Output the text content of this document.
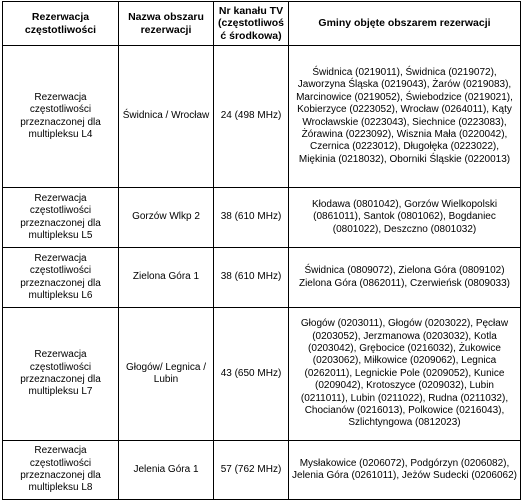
Rezerwacja częstotliwości	Nazwa obszaru rezerwacji	Nr kanału TV (częstotliwość środkowa)	Gminy objęte obszarem rezerwacji
Rezerwacja częstotliwości przeznaczonej dla multipleksu L4	Świdnica / Wrocław	24 (498 MHz)	Świdnica (0219011), Świdnica (0219072), Jaworzyna Śląska (0219043), Żarów (0219083), Marcinowice (0219052), Świebodzice (0219021), Kobierzyce (0223052), Wrocław (0264011), Kąty Wrocławskie (0223043), Siechnice (0223083), Żórawina (0223092), Wisznia Mała (0220042), Czernica (0223012), Długołęka (0223022), Miękinia (0218032), Oborniki Śląskie (0220013)
Rezerwacja częstotliwości przeznaczonej dla multipleksu L5	Gorzów Wlkp 2	38 (610 MHz)	Kłodawa (0801042), Gorzów Wielkopolski (0861011), Santok (0801062), Bogdaniec (0801022), Deszczno (0801032)
Rezerwacja częstotliwości przeznaczonej dla multipleksu L6	Zielona Góra 1	38 (610 MHz)	Świdnica (0809072), Zielona Góra (0809102) Zielona Góra (0862011), Czerwieńsk (0809033)
Rezerwacja częstotliwości przeznaczonej dla multipleksu L7	Głogów/ Legnica / Lubin	43 (650 MHz)	Głogów (0203011), Głogów (0203022), Pęcław (0203052), Jerzmanowa (0203032), Kotla (0203042), Grębocice (0216032), Żukowice (0203062), Miłkowice (0209062), Legnica (0262011), Legnickie Pole (0209052), Kunice (0209042), Krotoszyce (0209032), Lubin (0211011), Lubin (0211022), Rudna (0211032), Chocianów (0216013), Polkowice (0216043), Szlichtyngowa (0812023)
Rezerwacja częstotliwości przeznaczonej dla multipleksu L8	Jelenia Góra 1	57 (762 MHz)	Mysłakowice (0206072), Podgórzyn (0206082), Jelenia Góra (0261011), Jeżów Sudecki (0206062)
